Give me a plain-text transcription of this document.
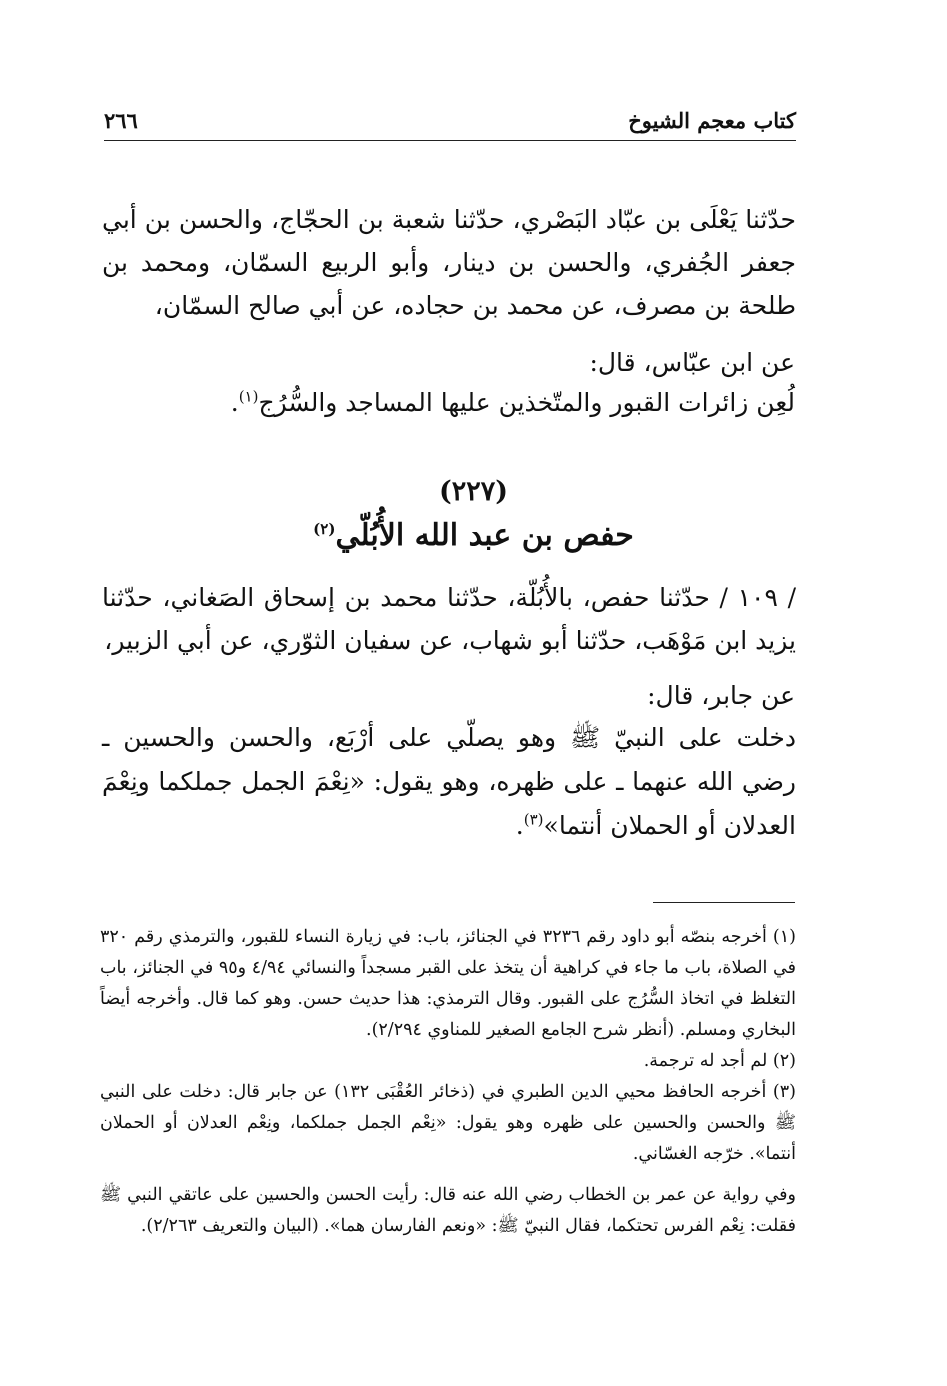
كتاب معجم الشيوخ
٢٦٦
حدّثنا يَعْلَى بن عبّاد البَصْري، حدّثنا شعبة بن الحجّاج، والحسن بن أبي جعفر الجُفري، والحسن بن دينار، وأبو الربيع السمّان، ومحمد بن طلحة بن مصرف، عن محمد بن حجاده، عن أبي صالح السمّان،
عن ابن عبّاس، قال:
لُعِن زائرات القبور والمتّخذين عليها المساجد والسُّرُج$^{(١)}$.
(٢٢٧)
حفص بن عبد الله الأُبُلّي$^{(٢)}$
/ ١٠٩ / حدّثنا حفص، بالأُبُلّة، حدّثنا محمد بن إسحاق الصَغاني، حدّثنا يزيد ابن مَوْهَب، حدّثنا أبو شهاب، عن سفيان الثوّري، عن أبي الزبير،
عن جابر، قال:
دخلت على النبيّ ﷺ وهو يصلّي على أرْبَع، والحسن والحسين ـ رضي الله عنهما ـ على ظهره، وهو يقول: «نِعْمَ الجمل جملكما ونِعْمَ العدلان أو الحملان أنتما»$^{(٣)}$.
(١) أخرجه بنصّه أبو داود رقم ٣٢٣٦ في الجنائز، باب: في زيارة النساء للقبور، والترمذي رقم ٣٢٠ في الصلاة، باب ما جاء في كراهية أن يتخذ على القبر مسجداً والنسائي ٤/٩٤ و٩٥ في الجنائز، باب التغلظ في اتخاذ السُّرُج على القبور. وقال الترمذي: هذا حديث حسن. وهو كما قال. وأخرجه أيضاً البخاري ومسلم. (أنظر شرح الجامع الصغير للمناوي ٢/٢٩٤).
(٢) لم أجد له ترجمة.
(٣) أخرجه الحافظ محيي الدين الطبري في (ذخائر العُقْبَى ١٣٢) عن جابر قال: دخلت على النبي ﷺ والحسن والحسين على ظهره وهو يقول: «نِعْم الجمل جملكما، ونِعْم العدلان أو الحملان أنتما». خرّجه الغسّاني.
وفي رواية عن عمر بن الخطاب رضي الله عنه قال: رأيت الحسن والحسين على عاتقي النبي ﷺ فقلت: نِعْم الفرس تحتكما، فقال النبيّ ﷺ: «ونعم الفارسان هما». (البيان والتعريف ٢/٢٦٣).
